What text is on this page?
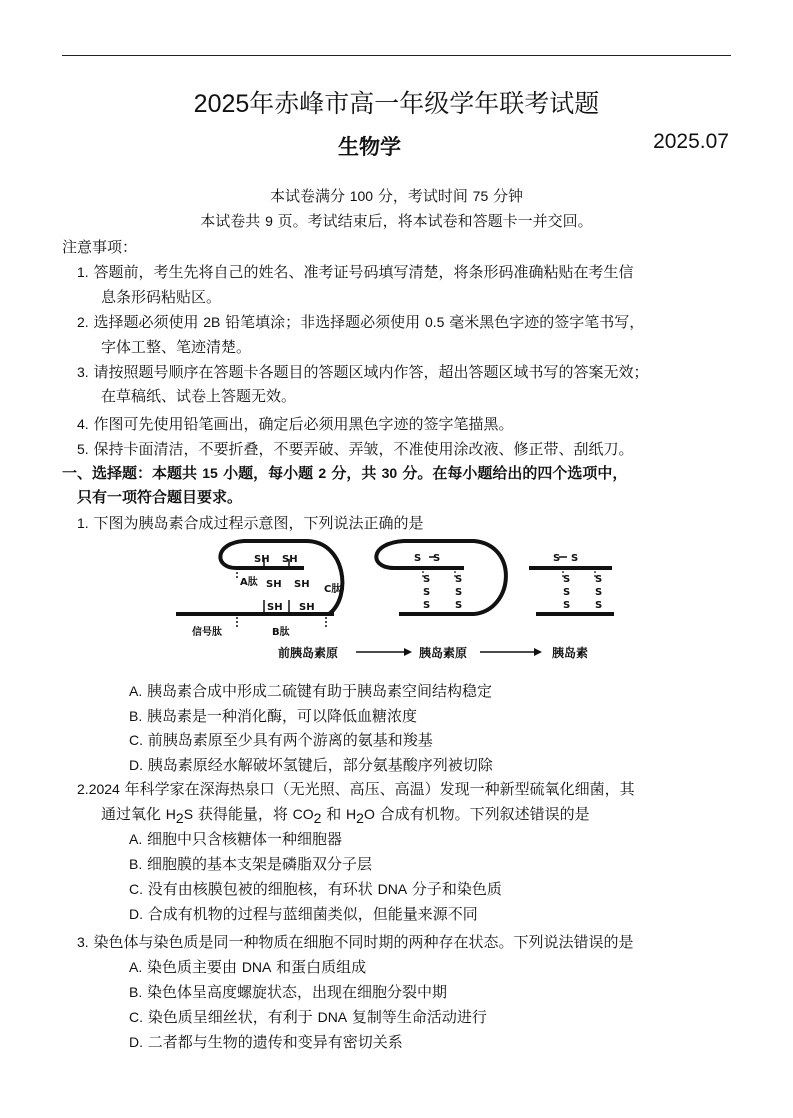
2025年赤峰市高一年级学年联考试题
生物学	2025.07
本试卷满分 100 分，考试时间 75 分钟
本试卷共 9 页。考试结束后，将本试卷和答题卡一并交回。
注意事项：
1. 答题前，考生先将自己的姓名、准考证号码填写清楚，将条形码准确粘贴在考生信
息条形码粘贴区。
2. 选择题必须使用 2B 铅笔填涂；非选择题必须使用 0.5 毫米黑色字迹的签字笔书写，
字体工整、笔迹清楚。
3. 请按照题号顺序在答题卡各题目的答题区域内作答，超出答题区域书写的答案无效；
在草稿纸、试卷上答题无效。
4. 作图可先使用铅笔画出，确定后必须用黑色字迹的签字笔描黑。
5. 保持卡面清洁，不要折叠，不要弄破、弄皱，不准使用涂改液、修正带、刮纸刀。
一、选择题：本题共 15 小题，每小题 2 分，共 30 分。在每小题给出的四个选项中，
只有一项符合题目要求。
1. 下图为胰岛素合成过程示意图，下列说法正确的是
SH SH
SH SH
SH SH
A肽
C肽
B肽
信号肽
S S
S
S
S
S
S
S
S S
S
S
S
S
S
S
前胰岛素原	胰岛素原	胰岛素
A. 胰岛素合成中形成二硫键有助于胰岛素空间结构稳定
B. 胰岛素是一种消化酶，可以降低血糖浓度
C. 前胰岛素原至少具有两个游离的氨基和羧基
D. 胰岛素原经水解破坏氢键后，部分氨基酸序列被切除
2.2024 年科学家在深海热泉口（无光照、高压、高温）发现一种新型硫氧化细菌，其
通过氧化 $H_2S$ 获得能量，将 $CO_2$ 和 $H_2O$ 合成有机物。下列叙述错误的是
A. 细胞中只含核糖体一种细胞器
B. 细胞膜的基本支架是磷脂双分子层
C. 没有由核膜包被的细胞核，有环状 DNA 分子和染色质
D. 合成有机物的过程与蓝细菌类似，但能量来源不同
3. 染色体与染色质是同一种物质在细胞不同时期的两种存在状态。下列说法错误的是
A. 染色质主要由 DNA 和蛋白质组成
B. 染色体呈高度螺旋状态，出现在细胞分裂中期
C. 染色质呈细丝状，有利于 DNA 复制等生命活动进行
D. 二者都与生物的遗传和变异有密切关系
